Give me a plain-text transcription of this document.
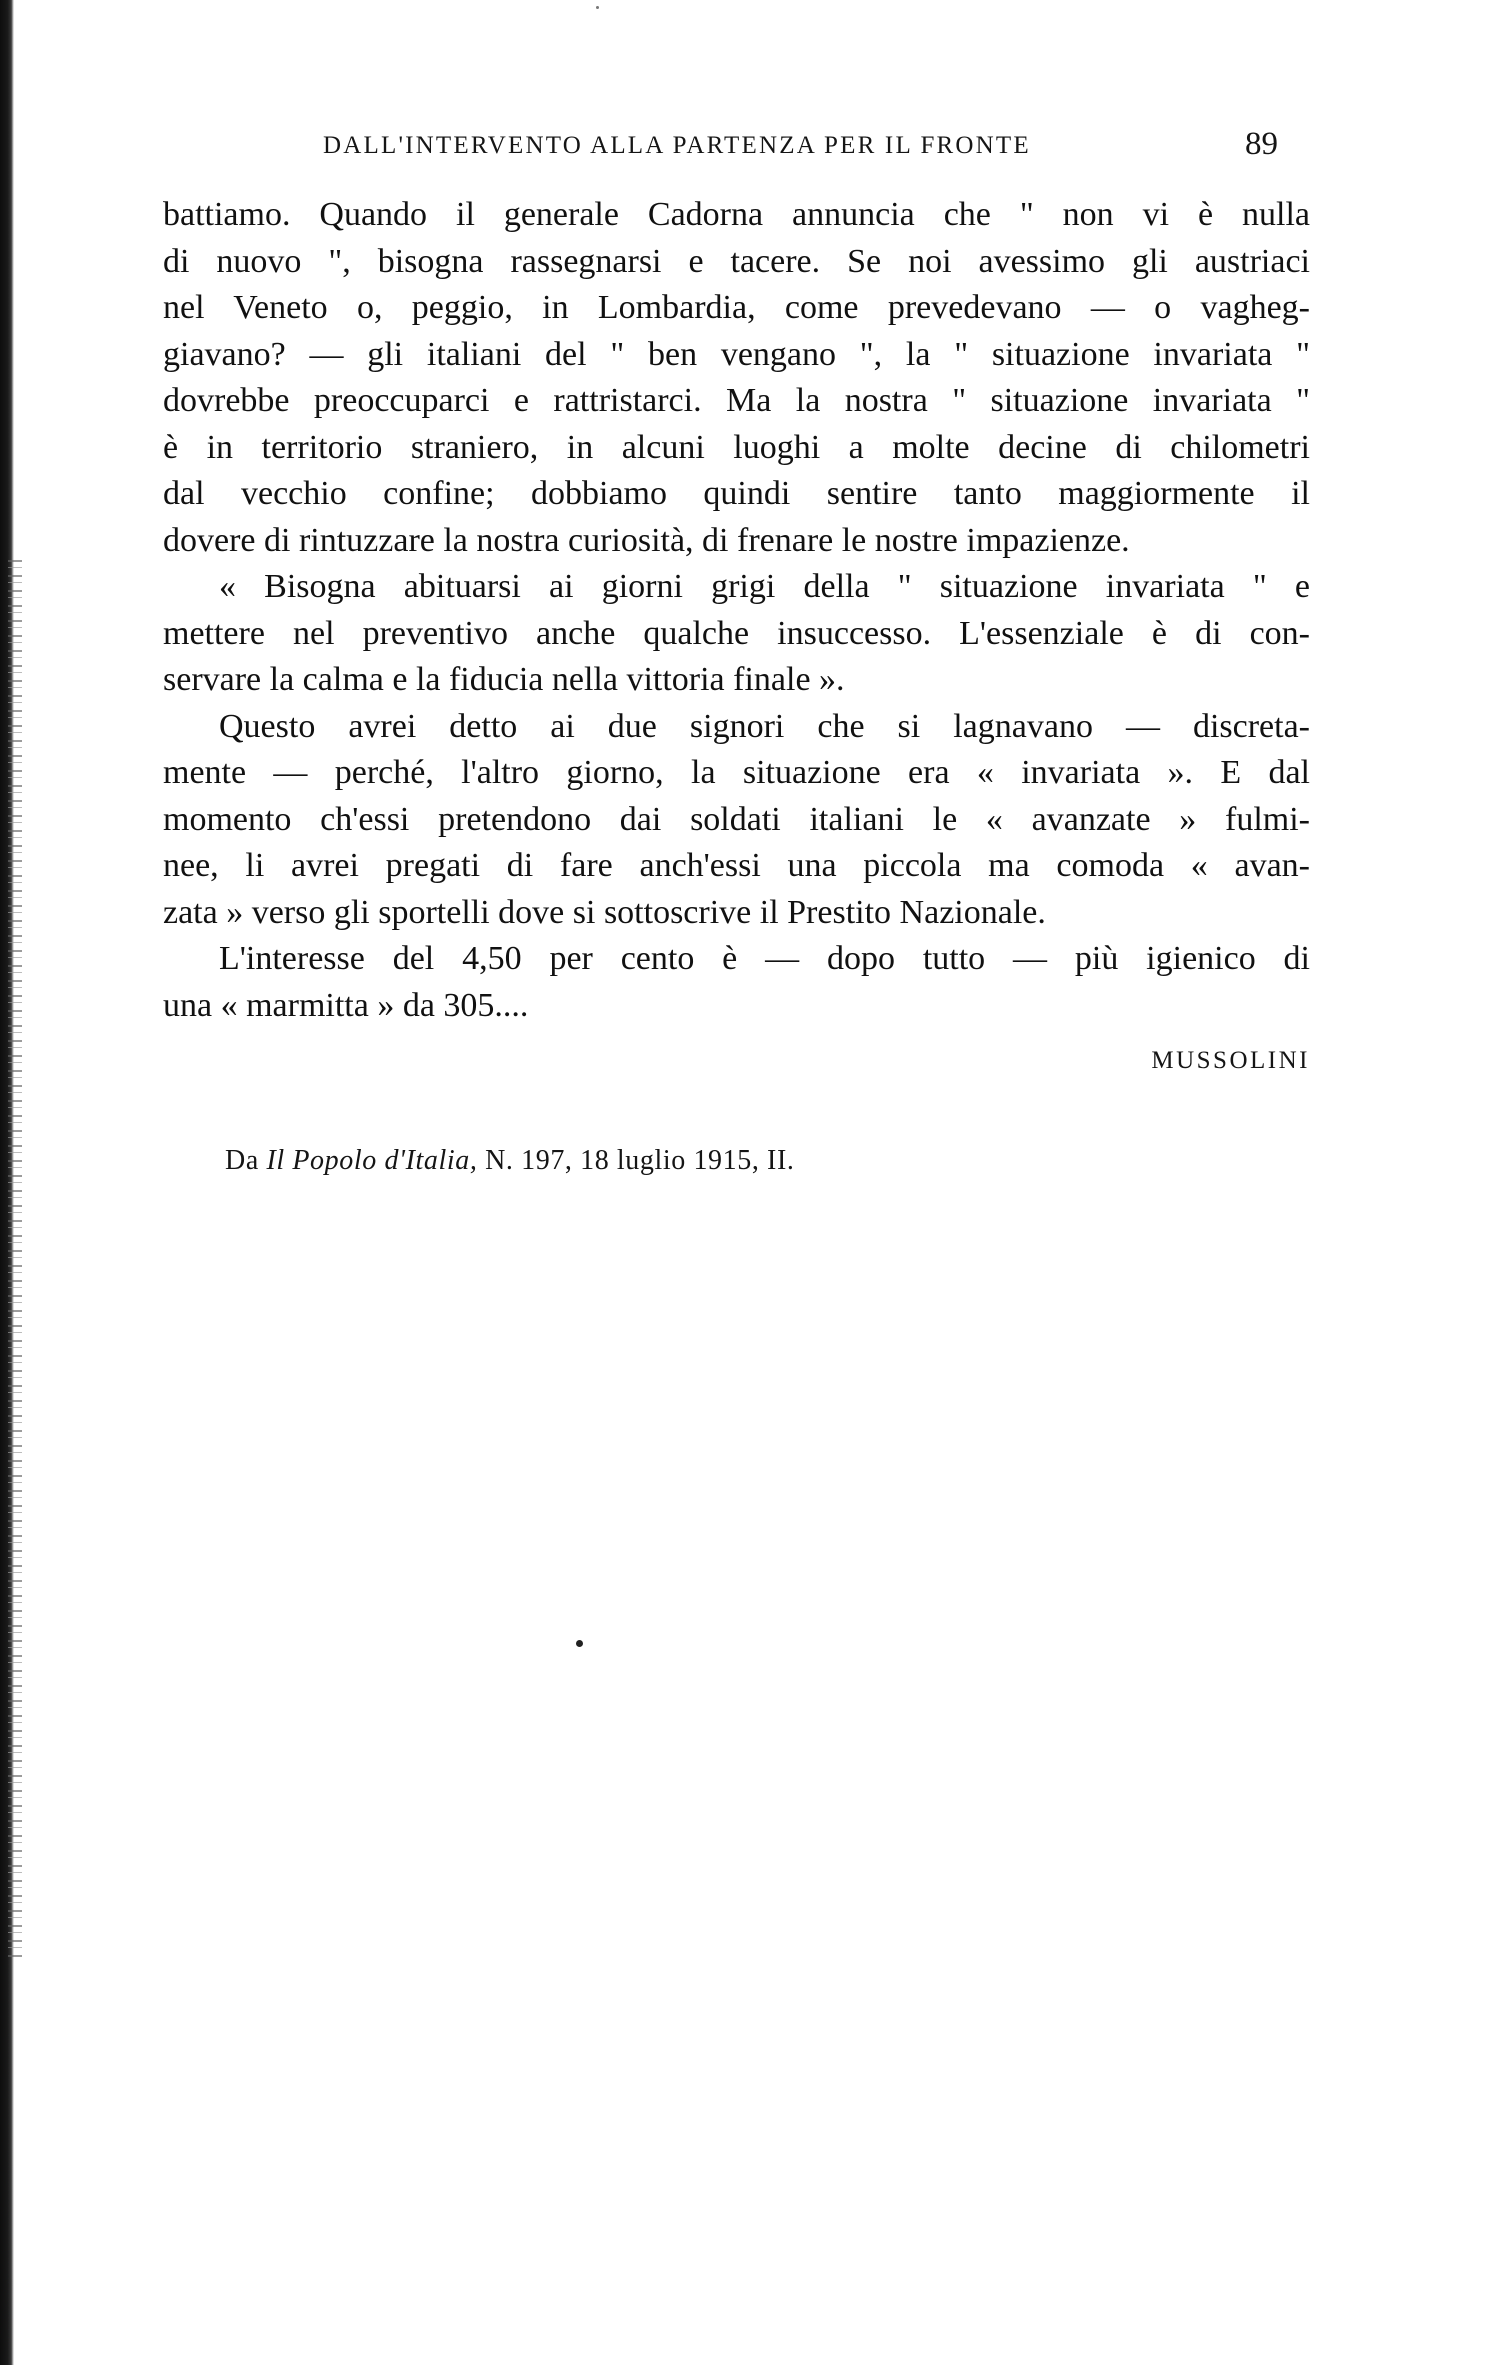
DALL'INTERVENTO ALLA PARTENZA PER IL FRONTE	89
battiamo. Quando il generale Cadorna annuncia che " non vi è nulla
di nuovo ", bisogna rassegnarsi e tacere. Se noi avessimo gli austriaci
nel Veneto o, peggio, in Lombardia, come prevedevano — o vagheg-
giavano? — gli italiani del " ben vengano ", la " situazione invariata "
dovrebbe preoccuparci e rattristarci. Ma la nostra " situazione invariata "
è in territorio straniero, in alcuni luoghi a molte decine di chilometri
dal vecchio confine; dobbiamo quindi sentire tanto maggiormente il
dovere di rintuzzare la nostra curiosità, di frenare le nostre impazienze.
« Bisogna abituarsi ai giorni grigi della " situazione invariata " e
mettere nel preventivo anche qualche insuccesso. L'essenziale è di con-
servare la calma e la fiducia nella vittoria finale ».
Questo avrei detto ai due signori che si lagnavano — discreta-
mente — perché, l'altro giorno, la situazione era « invariata ». E dal
momento ch'essi pretendono dai soldati italiani le « avanzate » fulmi-
nee, li avrei pregati di fare anch'essi una piccola ma comoda « avan-
zata » verso gli sportelli dove si sottoscrive il Prestito Nazionale.
L'interesse del 4,50 per cento è — dopo tutto — più igienico di
una « marmitta » da 305....
MUSSOLINI
Da Il Popolo d'Italia, N. 197, 18 luglio 1915, II.
